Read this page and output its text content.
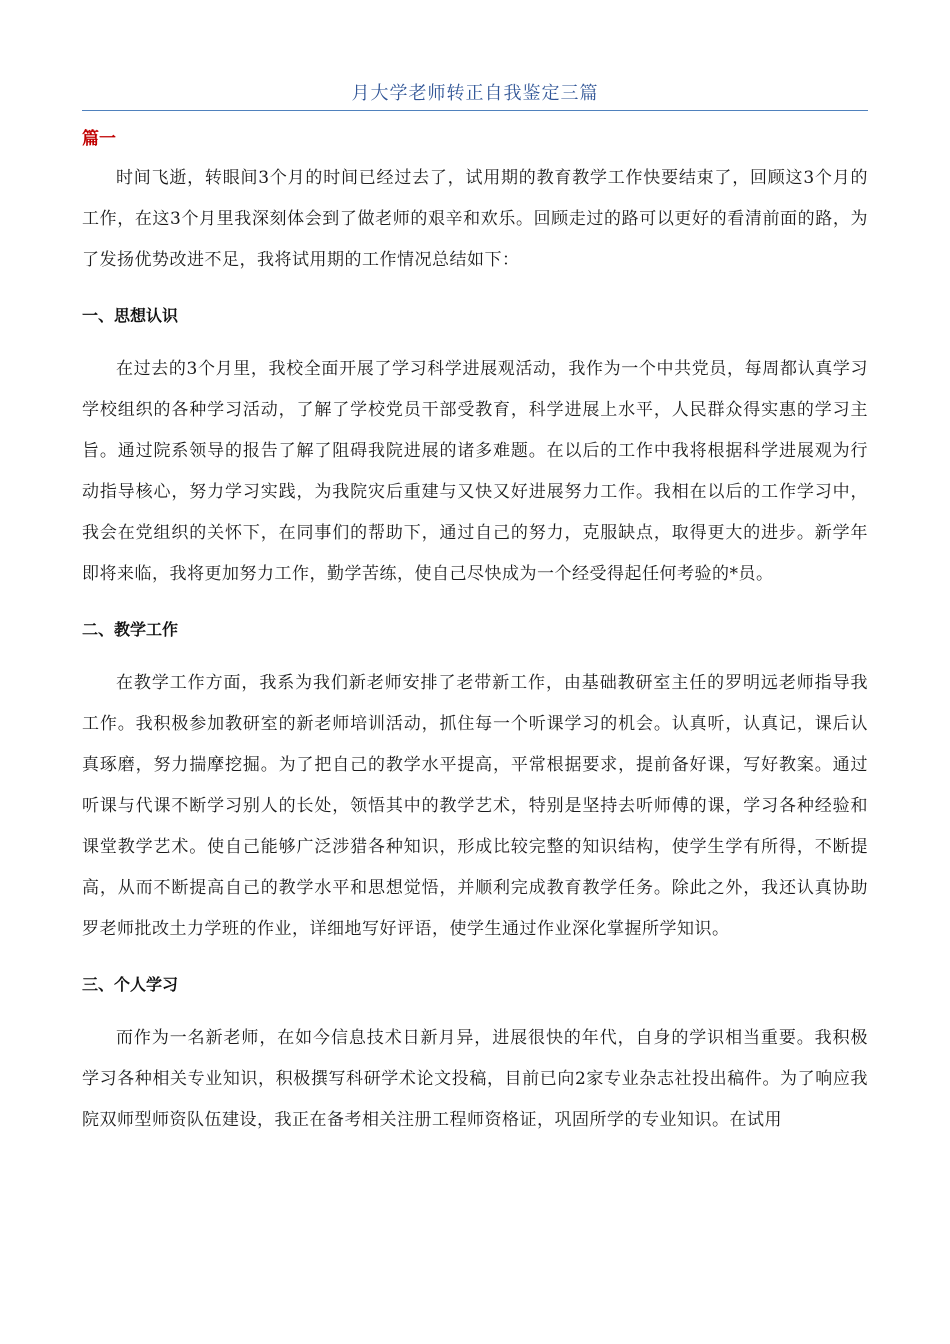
月大学老师转正自我鉴定三篇
篇一

时间飞逝，转眼间3个月的时间已经过去了，试用期的教育教学工作快要结束了，回顾这3个月的工作，在这3个月里我深刻体会到了做老师的艰辛和欢乐。回顾走过的路可以更好的看清前面的路，为了发扬优势改进不足，我将试用期的工作情况总结如下：

一、思想认识

在过去的3个月里，我校全面开展了学习科学进展观活动，我作为一个中共党员，每周都认真学习学校组织的各种学习活动，了解了学校党员干部受教育，科学进展上水平，人民群众得实惠的学习主旨。通过院系领导的报告了解了阻碍我院进展的诸多难题。在以后的工作中我将根据科学进展观为行动指导核心，努力学习实践，为我院灾后重建与又快又好进展努力工作。我相在以后的工作学习中，我会在党组织的关怀下，在同事们的帮助下，通过自己的努力，克服缺点，取得更大的进步。新学年即将来临，我将更加努力工作，勤学苦练，使自己尽快成为一个经受得起任何考验的*员。

二、教学工作

在教学工作方面，我系为我们新老师安排了老带新工作，由基础教研室主任的罗明远老师指导我工作。我积极参加教研室的新老师培训活动，抓住每一个听课学习的机会。认真听，认真记，课后认真琢磨，努力揣摩挖掘。为了把自己的教学水平提高，平常根据要求，提前备好课，写好教案。通过听课与代课不断学习别人的长处，领悟其中的教学艺术，特别是坚持去听师傅的课，学习各种经验和课堂教学艺术。使自己能够广泛涉猎各种知识，形成比较完整的知识结构，使学生学有所得，不断提高，从而不断提高自己的教学水平和思想觉悟，并顺利完成教育教学任务。除此之外，我还认真协助罗老师批改土力学班的作业，详细地写好评语，使学生通过作业深化掌握所学知识。

三、个人学习

而作为一名新老师，在如今信息技术日新月异，进展很快的年代，自身的学识相当重要。我积极学习各种相关专业知识，积极撰写科研学术论文投稿，目前已向2家专业杂志社投出稿件。为了响应我院双师型师资队伍建设，我正在备考相关注册工程师资格证，巩固所学的专业知识。在试用
